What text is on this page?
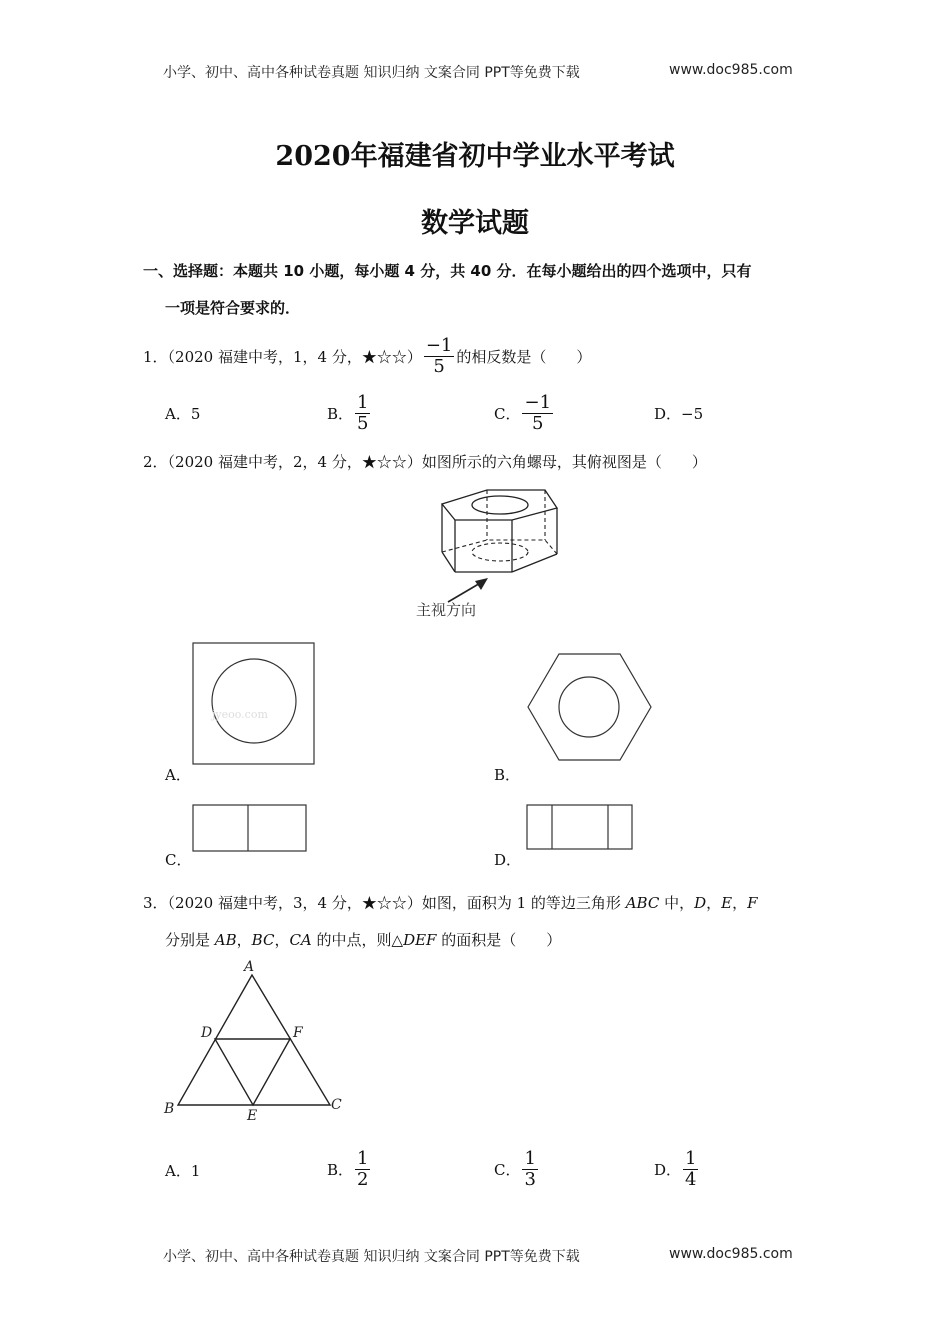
小学、初中、高中各种试卷真题 知识归纳 文案合同 PPT等免费下载	www.doc985.com
2020年福建省初中学业水平考试
数学试题
一、选择题：本题共 10 小题，每小题 4 分，共 40 分．在每小题给出的四个选项中，只有
一项是符合要求的．
1．（2020 福建中考，1，4 分，★☆☆） $\frac{-1}{5}$ 的相反数是（　　）
A．5	B． $\frac{1}{5}$	C． $\frac{-1}{5}$	D．−5
2．（2020 福建中考，2，4 分，★☆☆）如图所示的六角螺母，其俯视图是（　　）
主视方向
jyeoo.com
A．	B．
C．	D．
3．（2020 福建中考，3，4 分，★☆☆）如图，面积为 1 的等边三角形 ABC 中，D，E，F
分别是 AB，BC，CA 的中点，则△DEF 的面积是（　　）
A
B	C
D
E
F
A．1	B． $\frac{1}{2}$	C． $\frac{1}{3}$	D． $\frac{1}{4}$
小学、初中、高中各种试卷真题 知识归纳 文案合同 PPT等免费下载	www.doc985.com
